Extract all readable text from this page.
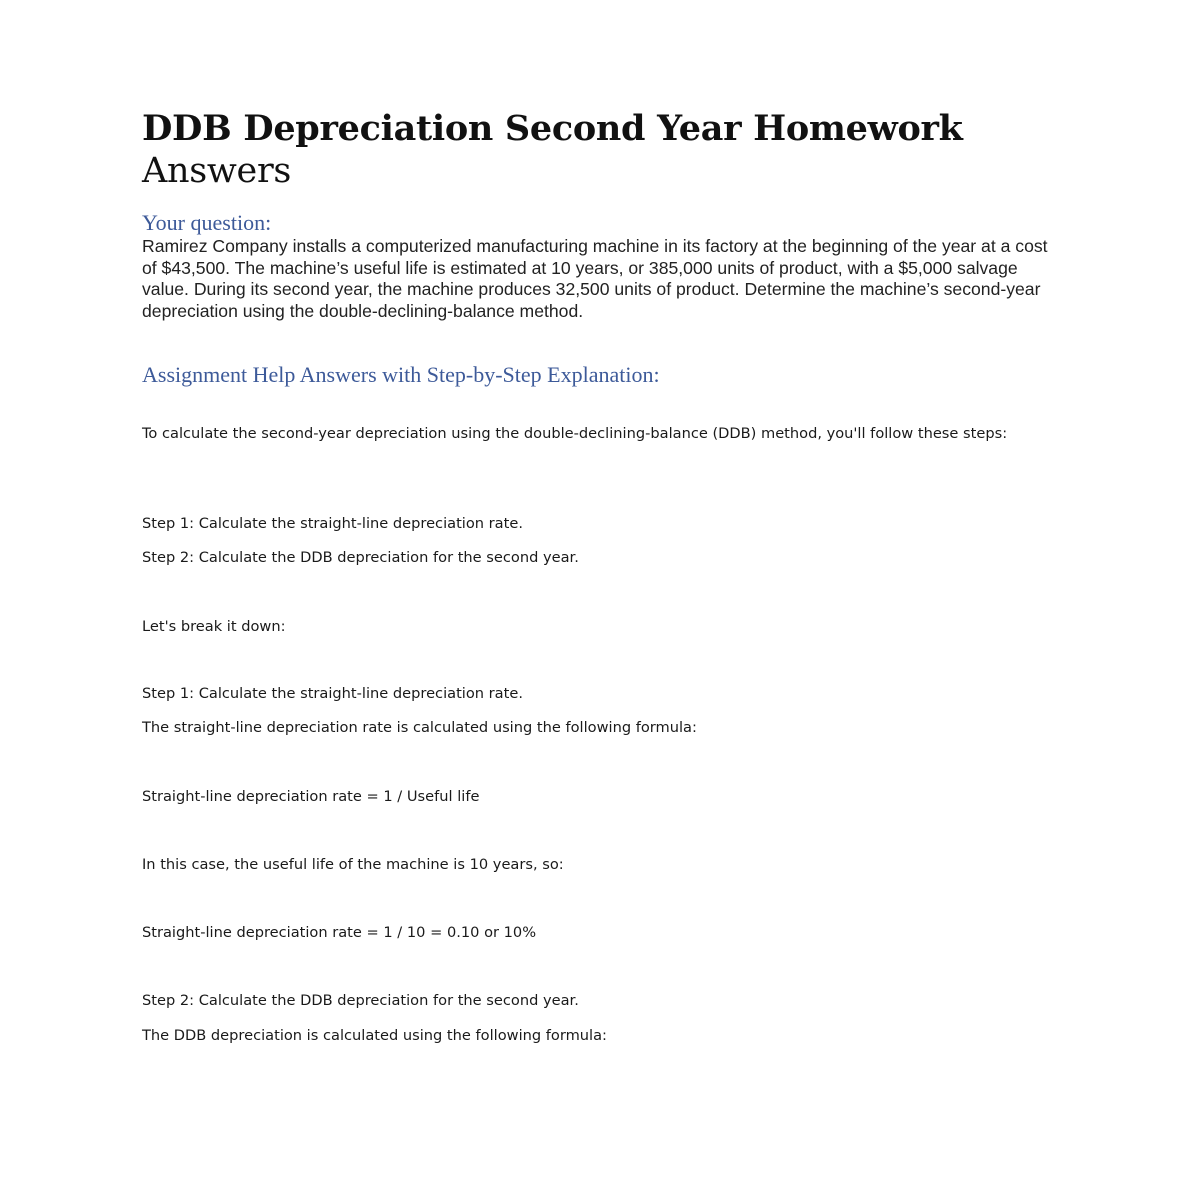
DDB Depreciation Second Year Homework
Answers
Your question:
Ramirez Company installs a computerized manufacturing machine in its factory at the beginning of the year at a cost of $43,500. The machine’s useful life is estimated at 10 years, or 385,000 units of product, with a $5,000 salvage value. During its second year, the machine produces 32,500 units of product. Determine the machine’s second-year depreciation using the double-declining-balance method.
Assignment Help Answers with Step-by-Step Explanation:
To calculate the second-year depreciation using the double-declining-balance (DDB) method, you'll follow these steps:
Step 1: Calculate the straight-line depreciation rate.
Step 2: Calculate the DDB depreciation for the second year.
Let's break it down:
Step 1: Calculate the straight-line depreciation rate.
The straight-line depreciation rate is calculated using the following formula:
Straight-line depreciation rate = 1 / Useful life
In this case, the useful life of the machine is 10 years, so:
Straight-line depreciation rate = 1 / 10 = 0.10 or 10%
Step 2: Calculate the DDB depreciation for the second year.
The DDB depreciation is calculated using the following formula:
